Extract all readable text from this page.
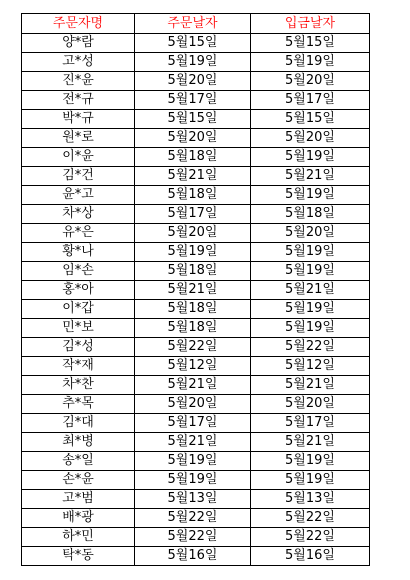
주문자명	주문날자	입금날자
양*람	5월15일	5월15일
고*성	5월19일	5월19일
진*윤	5월20일	5월20일
전*규	5월17일	5월17일
박*규	5월15일	5월15일
원*로	5월20일	5월20일
이*윤	5월18일	5월19일
김*건	5월21일	5월21일
윤*고	5월18일	5월19일
차*상	5월17일	5월18일
유*은	5월20일	5월20일
황*나	5월19일	5월19일
임*손	5월18일	5월19일
홍*아	5월21일	5월21일
이*갑	5월18일	5월19일
민*보	5월18일	5월19일
김*성	5월22일	5월22일
작*재	5월12일	5월12일
차*찬	5월21일	5월21일
추*목	5월20일	5월20일
김*대	5월17일	5월17일
최*병	5월21일	5월21일
송*일	5월19일	5월19일
손*윤	5월19일	5월19일
고*범	5월13일	5월13일
배*광	5월22일	5월22일
하*민	5월22일	5월22일
탁*동	5월16일	5월16일
